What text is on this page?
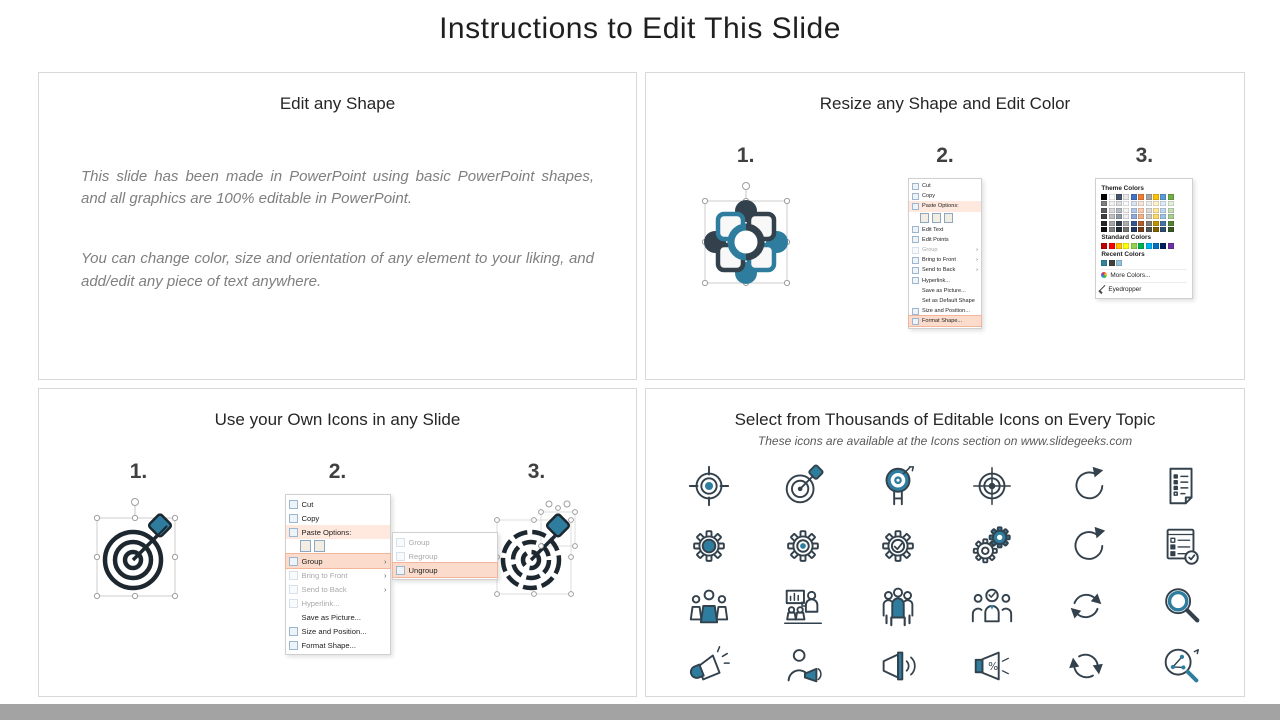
Instructions to Edit This Slide
Edit any Shape
This slide has been made in PowerPoint using basic PowerPoint shapes, and all graphics are 100% editable in PowerPoint.
You can change color, size and orientation of any element to your liking, and add/edit any piece of text anywhere.
Resize any Shape and Edit Color
1.	2.
Cut
Copy
Paste Options:
Edit Text
Edit Points
Group	›
Bring to Front	›
Send to Back	›
Hyperlink...
Save as Picture...
Set as Default Shape
Size and Position...
Format Shape...
3.
Theme Colors
Standard Colors
Recent Colors
More Colors...
Eyedropper
Use your Own Icons in any Slide
1.	2.
Cut
Copy
Paste Options:
Group	›
Bring to Front	›
Send to Back	›
Hyperlink...
Save as Picture...
Size and Position...
Format Shape...
Group
Regroup
Ungroup
3.
Select from Thousands of Editable Icons on Every Topic
These icons are available at the Icons section on www.slidegeeks.com
%
